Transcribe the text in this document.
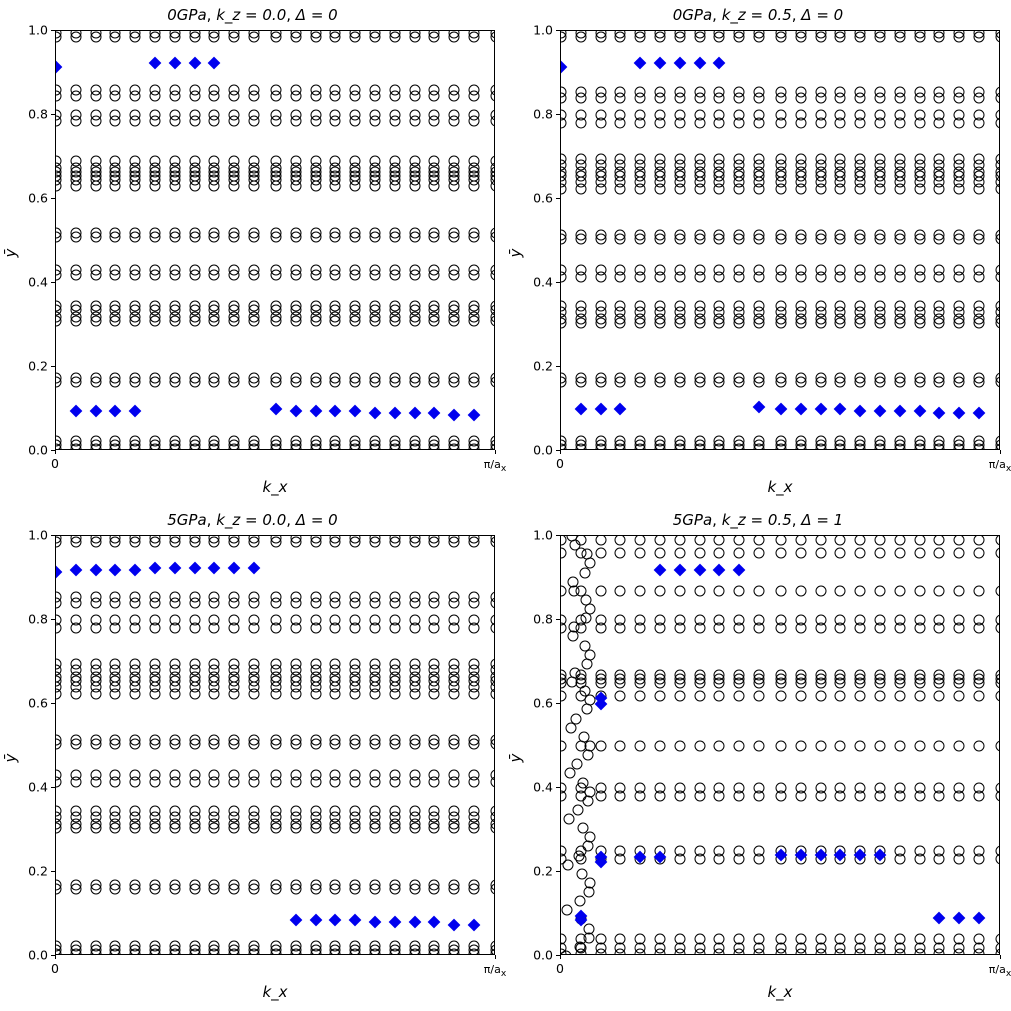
0GPa, k_z = 0.0, Δ = 0
ȳ
k_x
0.0
0.2
0.4
0.6
0.8
1.0
0	$\pi/a_x$
0GPa, k_z = 0.5, Δ = 0
ȳ
k_x
0.0
0.2
0.4
0.6
0.8
1.0
0	$\pi/a_x$
5GPa, k_z = 0.0, Δ = 0
ȳ
k_x
0.0
0.2
0.4
0.6
0.8
1.0
0	$\pi/a_x$
5GPa, k_z = 0.5, Δ = 1
ȳ
k_x
0.0
0.2
0.4
0.6
0.8
1.0
0	$\pi/a_x$
